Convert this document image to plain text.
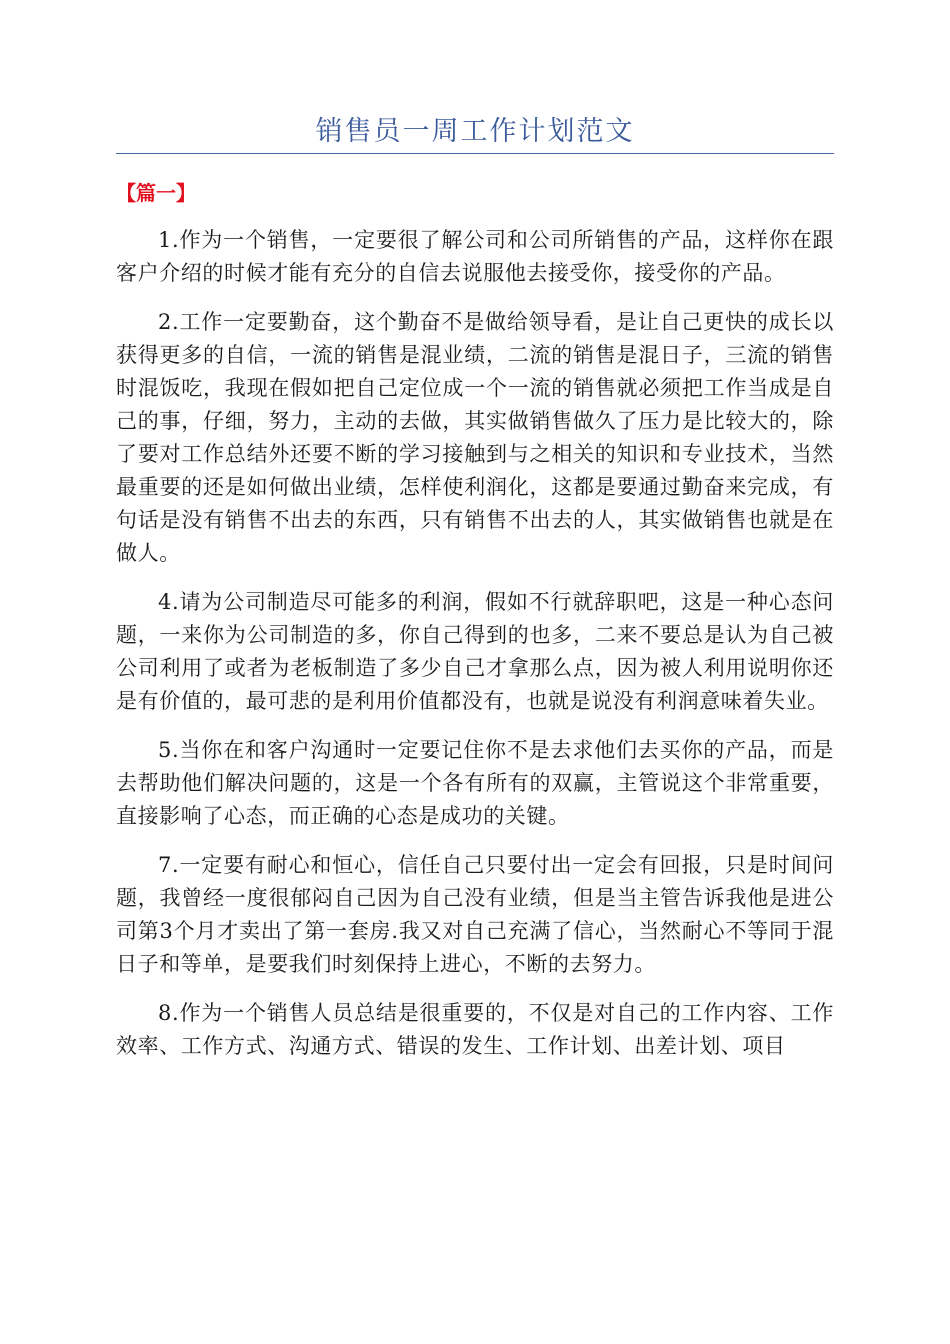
销售员一周工作计划范文
【篇一】

1.作为一个销售，一定要很了解公司和公司所销售的产品，这样你在跟客户介绍的时候才能有充分的自信去说服他去接受你，接受你的产品。

2.工作一定要勤奋，这个勤奋不是做给领导看，是让自己更快的成长以获得更多的自信，一流的销售是混业绩，二流的销售是混日子，三流的销售时混饭吃，我现在假如把自己定位成一个一流的销售就必须把工作当成是自己的事，仔细，努力，主动的去做，其实做销售做久了压力是比较大的，除了要对工作总结外还要不断的学习接触到与之相关的知识和专业技术，当然最重要的还是如何做出业绩，怎样使利润化，这都是要通过勤奋来完成，有句话是没有销售不出去的东西，只有销售不出去的人，其实做销售也就是在做人。

4.请为公司制造尽可能多的利润，假如不行就辞职吧，这是一种心态问题，一来你为公司制造的多，你自己得到的也多，二来不要总是认为自己被公司利用了或者为老板制造了多少自己才拿那么点，因为被人利用说明你还是有价值的，最可悲的是利用价值都没有，也就是说没有利润意味着失业。

5.当你在和客户沟通时一定要记住你不是去求他们去买你的产品，而是去帮助他们解决问题的，这是一个各有所有的双赢，主管说这个非常重要，直接影响了心态，而正确的心态是成功的关键。

7.一定要有耐心和恒心，信任自己只要付出一定会有回报，只是时间问题，我曾经一度很郁闷自己因为自己没有业绩，但是当主管告诉我他是进公司第3个月才卖出了第一套房.我又对自己充满了信心，当然耐心不等同于混日子和等单，是要我们时刻保持上进心，不断的去努力。

8.作为一个销售人员总结是很重要的，不仅是对自己的工作内容、工作效率、工作方式、沟通方式、错误的发生、工作计划、出差计划、项目
